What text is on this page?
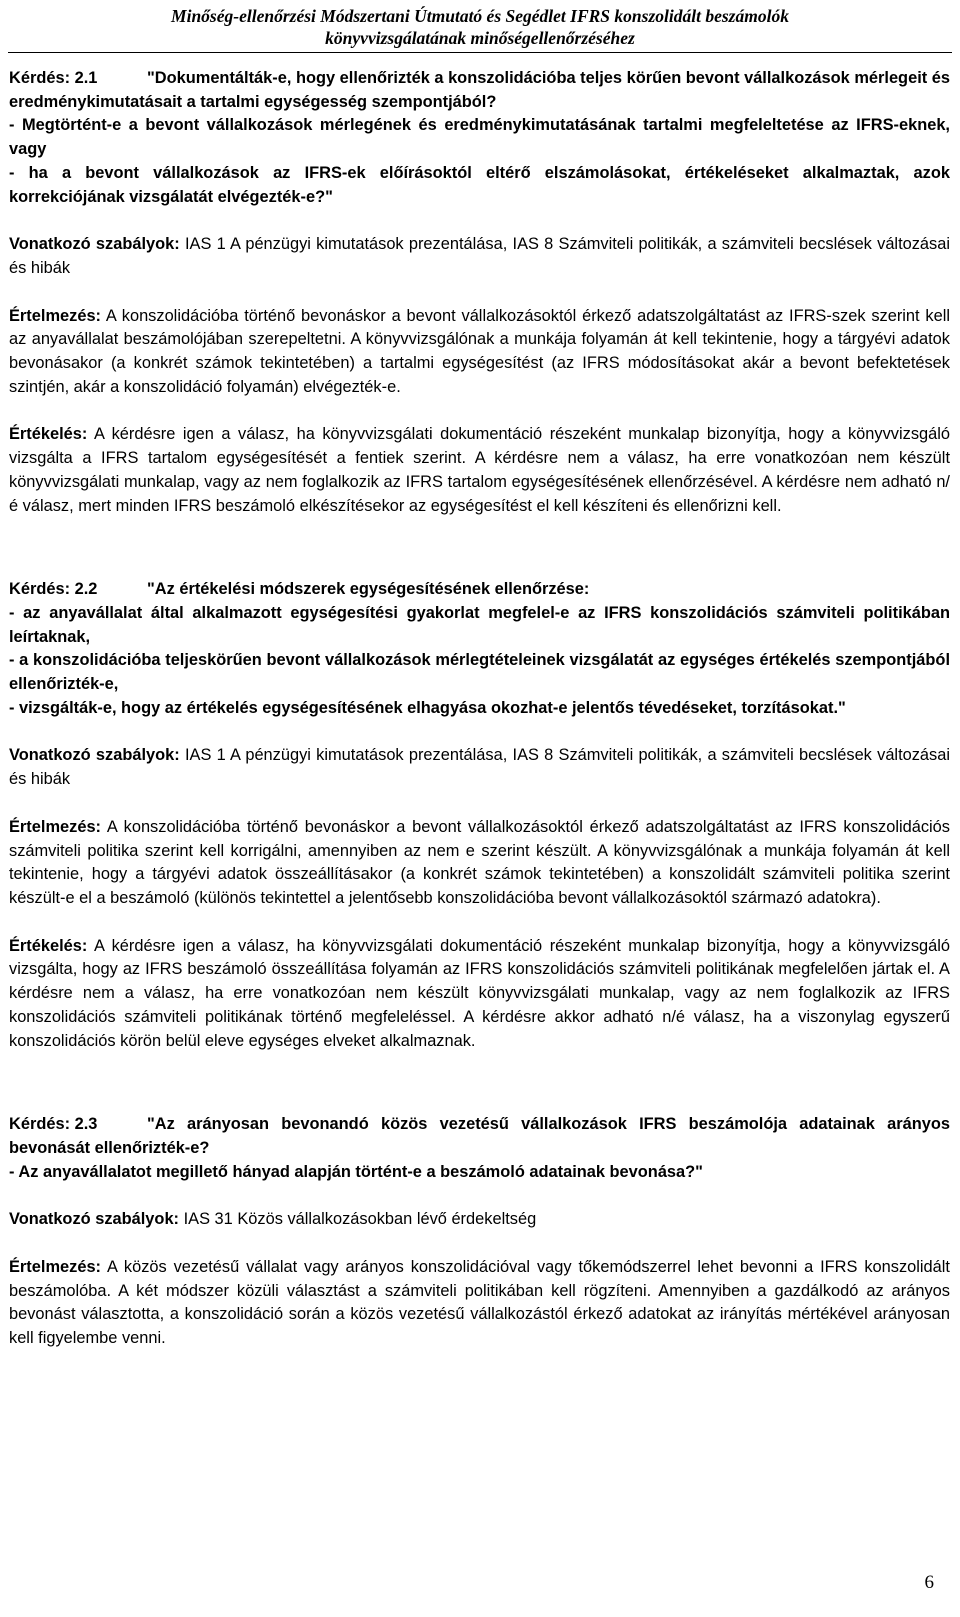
Minőség-ellenőrzési Módszertani Útmutató és Segédlet IFRS konszolidált beszámolók
könyvvizsgálatának minőségellenőrzéséhez

Kérdés: 2.1	"Dokumentálták-e, hogy ellenőrizték a konszolidációba teljes körűen bevont vállalkozások mérlegeit és eredménykimutatásait a tartalmi egységesség szempontjából?

- Megtörtént-e a bevont vállalkozások mérlegének és eredménykimutatásának tartalmi megfeleltetése az IFRS-eknek, vagy

- ha a bevont vállalkozások az IFRS-ek előírásoktól eltérő elszámolásokat, értékeléseket alkalmaztak, azok korrekciójának vizsgálatát elvégezték-e?"

Vonatkozó szabályok: IAS 1 A pénzügyi kimutatások prezentálása, IAS 8 Számviteli politikák, a számviteli becslések változásai és hibák

Értelmezés: A konszolidációba történő bevonáskor a bevont vállalkozásoktól érkező adatszolgáltatást az IFRS-szek szerint kell az anyavállalat beszámolójában szerepeltetni. A könyvvizsgálónak a munkája folyamán át kell tekintenie, hogy a tárgyévi adatok bevonásakor (a konkrét számok tekintetében) a tartalmi egységesítést (az IFRS módosításokat akár a bevont befektetések szintjén, akár a konszolidáció folyamán) elvégezték-e.

Értékelés: A kérdésre igen a válasz, ha könyvvizsgálati dokumentáció részeként munkalap bizonyítja, hogy a könyvvizsgáló vizsgálta a IFRS tartalom egységesítését a fentiek szerint. A kérdésre nem a válasz, ha erre vonatkozóan nem készült könyvvizsgálati munkalap, vagy az nem foglalkozik az IFRS tartalom egységesítésének ellenőrzésével. A kérdésre nem adható n/é válasz, mert minden IFRS beszámoló elkészítésekor az egységesítést el kell készíteni és ellenőrizni kell.

Kérdés: 2.2	"Az értékelési módszerek egységesítésének ellenőrzése:

- az anyavállalat által alkalmazott egységesítési gyakorlat megfelel-e az IFRS konszolidációs számviteli politikában leírtaknak,

- a konszolidációba teljeskörűen bevont vállalkozások mérlegtételeinek vizsgálatát az egységes értékelés szempontjából ellenőrizték-e,

- vizsgálták-e, hogy az értékelés egységesítésének elhagyása okozhat-e jelentős tévedéseket, torzításokat."

Vonatkozó szabályok: IAS 1 A pénzügyi kimutatások prezentálása, IAS 8 Számviteli politikák, a számviteli becslések változásai és hibák

Értelmezés: A konszolidációba történő bevonáskor a bevont vállalkozásoktól érkező adatszolgáltatást az IFRS konszolidációs számviteli politika szerint kell korrigálni, amennyiben az nem e szerint készült. A könyvvizsgálónak a munkája folyamán át kell tekintenie, hogy a tárgyévi adatok összeállításakor (a konkrét számok tekintetében) a konszolidált számviteli politika szerint készült-e el a beszámoló (különös tekintettel a jelentősebb konszolidációba bevont vállalkozásoktól származó adatokra).

Értékelés: A kérdésre igen a válasz, ha könyvvizsgálati dokumentáció részeként munkalap bizonyítja, hogy a könyvvizsgáló vizsgálta, hogy az IFRS beszámoló összeállítása folyamán az IFRS konszolidációs számviteli politikának megfelelően jártak el. A kérdésre nem a válasz, ha erre vonatkozóan nem készült könyvvizsgálati munkalap, vagy az nem foglalkozik az IFRS konszolidációs számviteli politikának történő megfeleléssel. A kérdésre akkor adható n/é válasz, ha a viszonylag egyszerű konszolidációs körön belül eleve egységes elveket alkalmaznak.

Kérdés: 2.3	"Az arányosan bevonandó közös vezetésű vállalkozások IFRS beszámolója adatainak arányos bevonását ellenőrizték-e?

- Az anyavállalatot megillető hányad alapján történt-e a beszámoló adatainak bevonása?"

Vonatkozó szabályok: IAS 31 Közös vállalkozásokban lévő érdekeltség

Értelmezés: A közös vezetésű vállalat vagy arányos konszolidációval vagy tőkemódszerrel lehet bevonni a IFRS konszolidált beszámolóba. A két módszer közüli választást a számviteli politikában kell rögzíteni. Amennyiben a gazdálkodó az arányos bevonást választotta, a konszolidáció során a közös vezetésű vállalkozástól érkező adatokat az irányítás mértékével arányosan kell figyelembe venni.

6
